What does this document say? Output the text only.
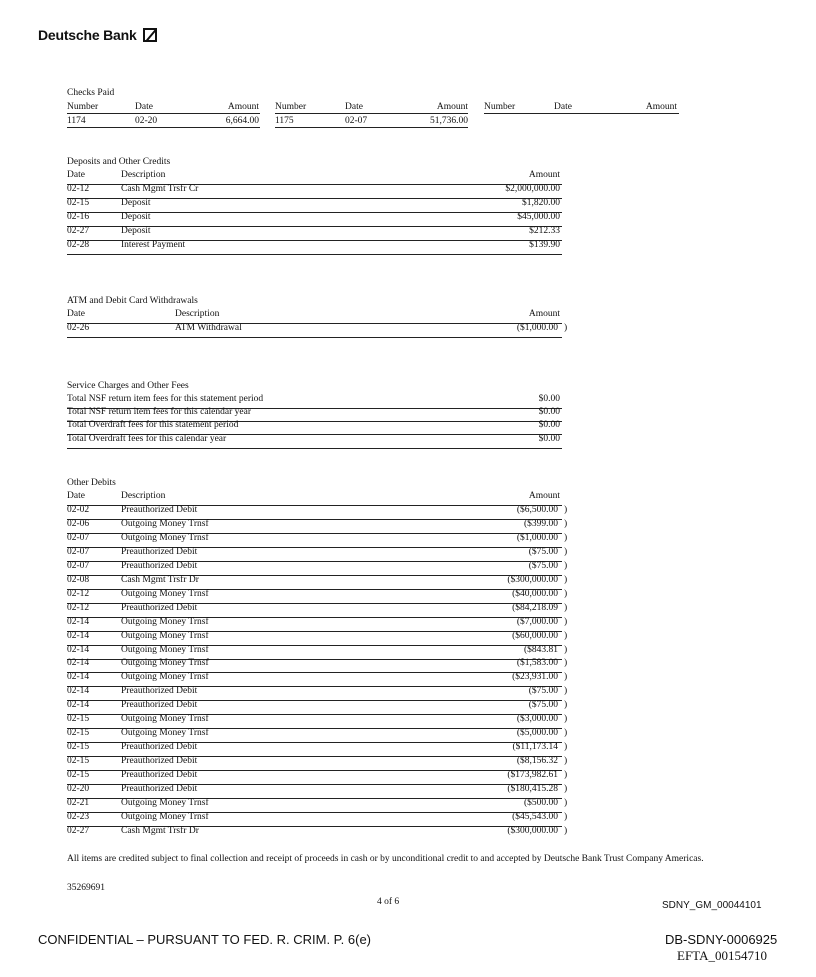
Deutsche Bank
Checks Paid
Number	Date	Amount Number	Date	Amount Number	Date	Amount
1174	02-20	6,664.00 1175	02-07	51,736.00
Deposits and Other Credits
Date	Description	Amount
02-12	Cash Mgmt Trsfr Cr	$2,000,000.00
02-15	Deposit	$1,820.00
02-16	Deposit	$45,000.00
02-27	Deposit	$212.33
02-28	Interest Payment	$139.90
ATM and Debit Card Withdrawals
Date	Description	Amount
02-26	ATM Withdrawal	($1,000.00 )
Service Charges and Other Fees
Total NSF return item fees for this statement period	$0.00
Total NSF return item fees for this calendar year	$0.00
Total Overdraft fees for this statement period	$0.00
Total Overdraft fees for this calendar year	$0.00
Other Debits
Date	Description	Amount
02-02	Preauthorized Debit	($6,500.00 )
02-06	Outgoing Money Trnsf	($399.00 )
02-07	Outgoing Money Trnsf	($1,000.00 )
02-07	Preauthorized Debit	($75.00 )
02-07	Preauthorized Debit	($75.00 )
02-08	Cash Mgmt Trsfr Dr	($300,000.00 )
02-12	Outgoing Money Trnsf	($40,000.00 )
02-12	Preauthorized Debit	($84,218.09 )
02-14	Outgoing Money Trnsf	($7,000.00 )
02-14	Outgoing Money Trnsf	($60,000.00 )
02-14	Outgoing Money Trnsf	($843.81 )
02-14	Outgoing Money Trnsf	($1,583.00 )
02-14	Outgoing Money Trnsf	($23,931.00 )
02-14	Preauthorized Debit	($75.00 )
02-14	Preauthorized Debit	($75.00 )
02-15	Outgoing Money Trnsf	($3,000.00 )
02-15	Outgoing Money Trnsf	($5,000.00 )
02-15	Preauthorized Debit	($11,173.14 )
02-15	Preauthorized Debit	($8,156.32 )
02-15	Preauthorized Debit	($173,982.61 )
02-20	Preauthorized Debit	($180,415.28 )
02-21	Outgoing Money Trnsf	($500.00 )
02-23	Outgoing Money Trnsf	($45,543.00 )
02-27	Cash Mgmt Trsfr Dr	($300,000.00 )
All items are credited subject to final collection and receipt of proceeds in cash or by unconditional credit to and accepted by Deutsche Bank Trust Company Americas.
35269691
4 of 6	SDNY_GM_00044101
CONFIDENTIAL – PURSUANT TO FED. R. CRIM. P. 6(e)	DB-SDNY-0006925
EFTA_00154710
